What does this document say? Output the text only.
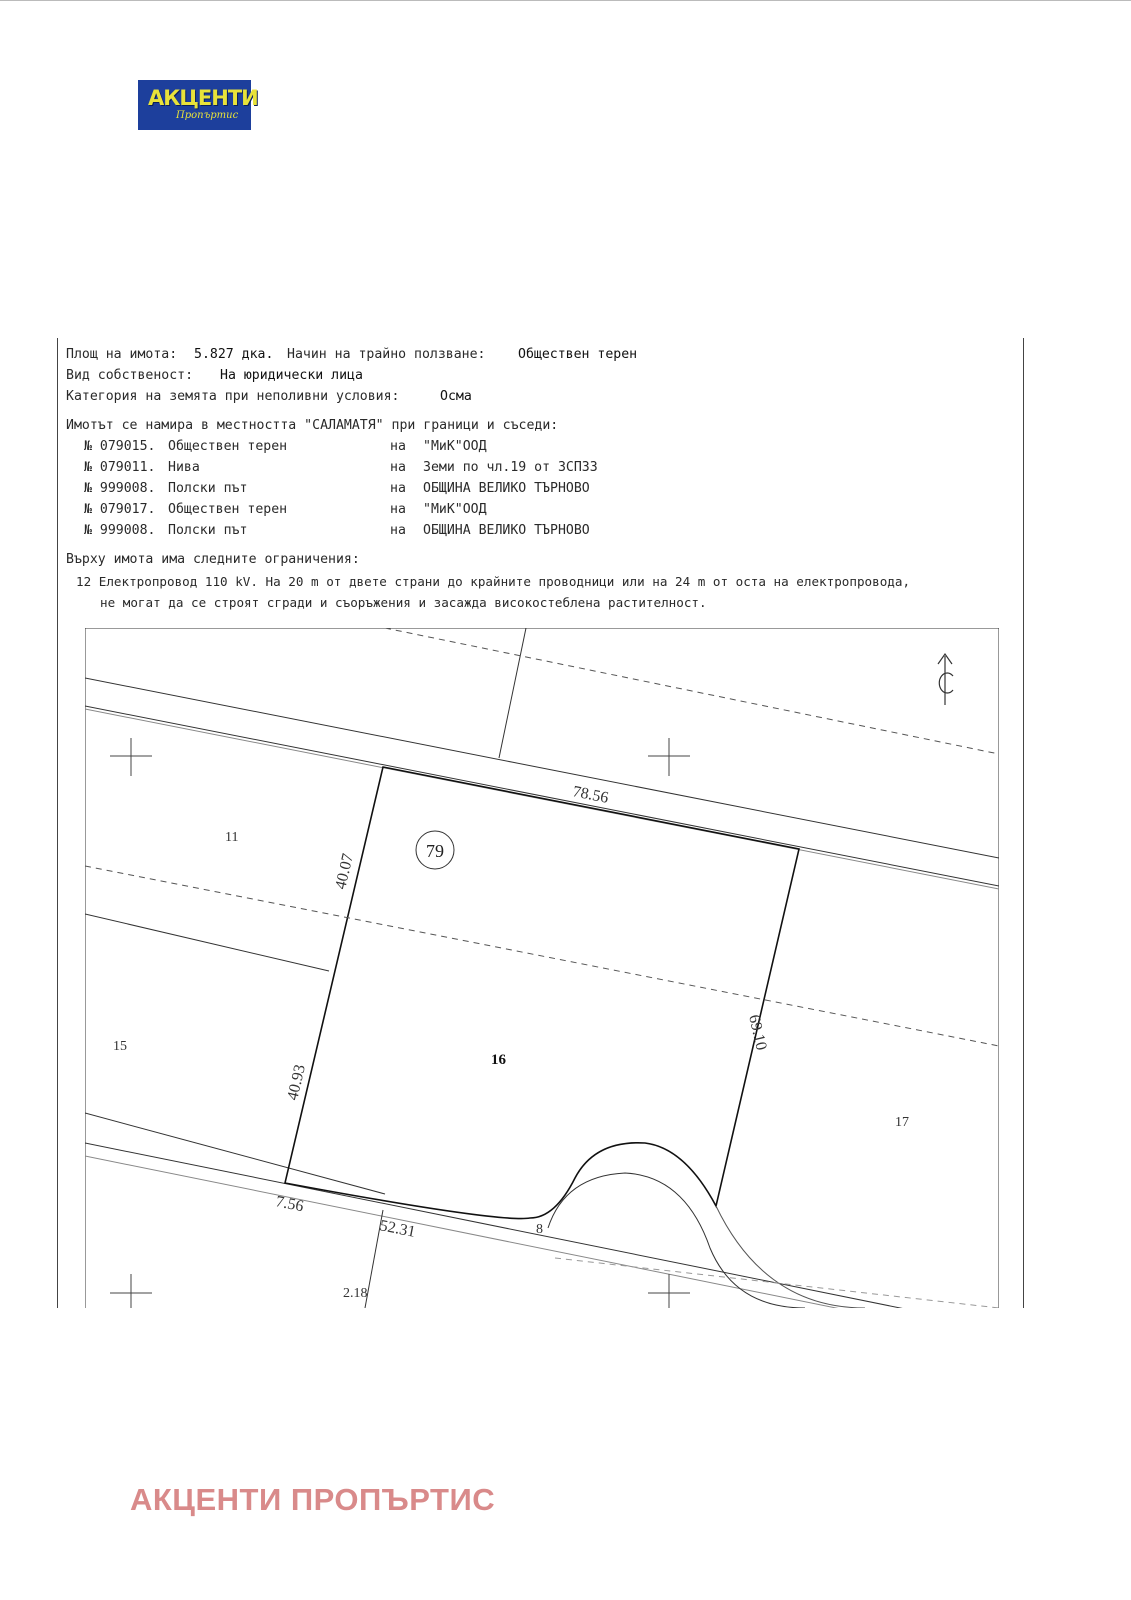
АКЦЕНТИ
Пропъртис
Площ на имота: 5.827 дка. Начин на трайно ползване: Обществен терен
Вид собственост: На юридически лица
Категория на земята при неполивни условия:	Осма
Имотът се намира в местността "САЛАМАТЯ" при граници и съседи:
№ 079015. Обществен терен	на "МиК"ООД
№ 079011. Нива	на Земи по чл.19 от ЗСПЗЗ
№ 999008. Полски път	на ОБЩИНА ВЕЛИКО ТЪРНОВО
№ 079017. Обществен терен	на "МиК"ООД
№ 999008. Полски път	на ОБЩИНА ВЕЛИКО ТЪРНОВО
Върху имота има следните ограничения:
12 Електропровод 110 kV. На 20 m от двете страни до крайните проводници или на 24 m от оста на електропровода,
не могат да се строят сгради и съоръжения и засажда високостеблена растителност.
79
16
11
15
17
8
78.56
40.07
40.93
69.10
52.31
7.56
2.18
АКЦЕНТИ ПРОПЪРТИС
